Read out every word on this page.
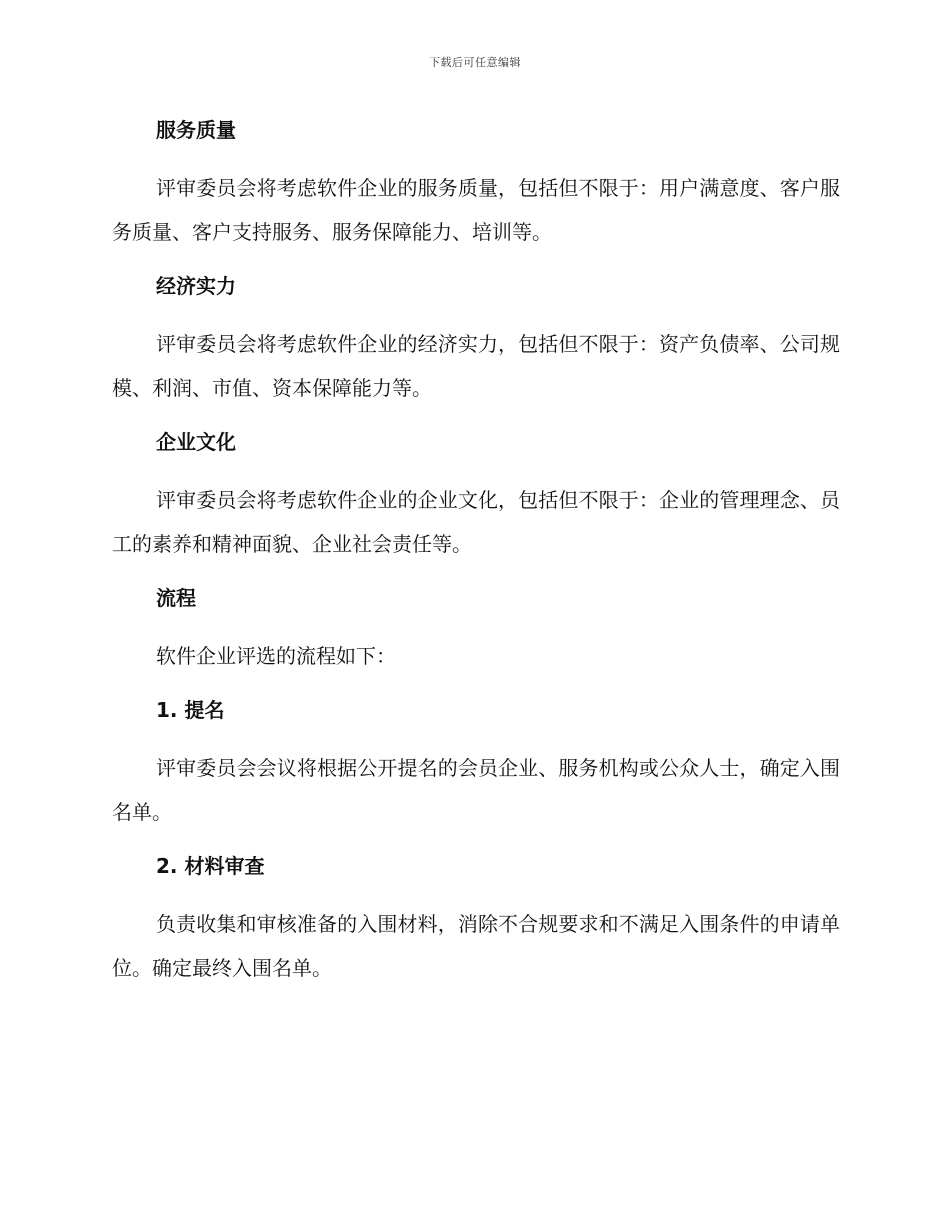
下载后可任意编辑
服务质量
评审委员会将考虑软件企业的服务质量，包括但不限于：用户满意度、客户服务质量、客户支持服务、服务保障能力、培训等。
经济实力
评审委员会将考虑软件企业的经济实力，包括但不限于：资产负债率、公司规模、利润、市值、资本保障能力等。
企业文化
评审委员会将考虑软件企业的企业文化，包括但不限于：企业的管理理念、员工的素养和精神面貌、企业社会责任等。
流程
软件企业评选的流程如下：
1. 提名
评审委员会会议将根据公开提名的会员企业、服务机构或公众人士，确定入围名单。
2. 材料审查
负责收集和审核准备的入围材料，消除不合规要求和不满足入围条件的申请单位。确定最终入围名单。
